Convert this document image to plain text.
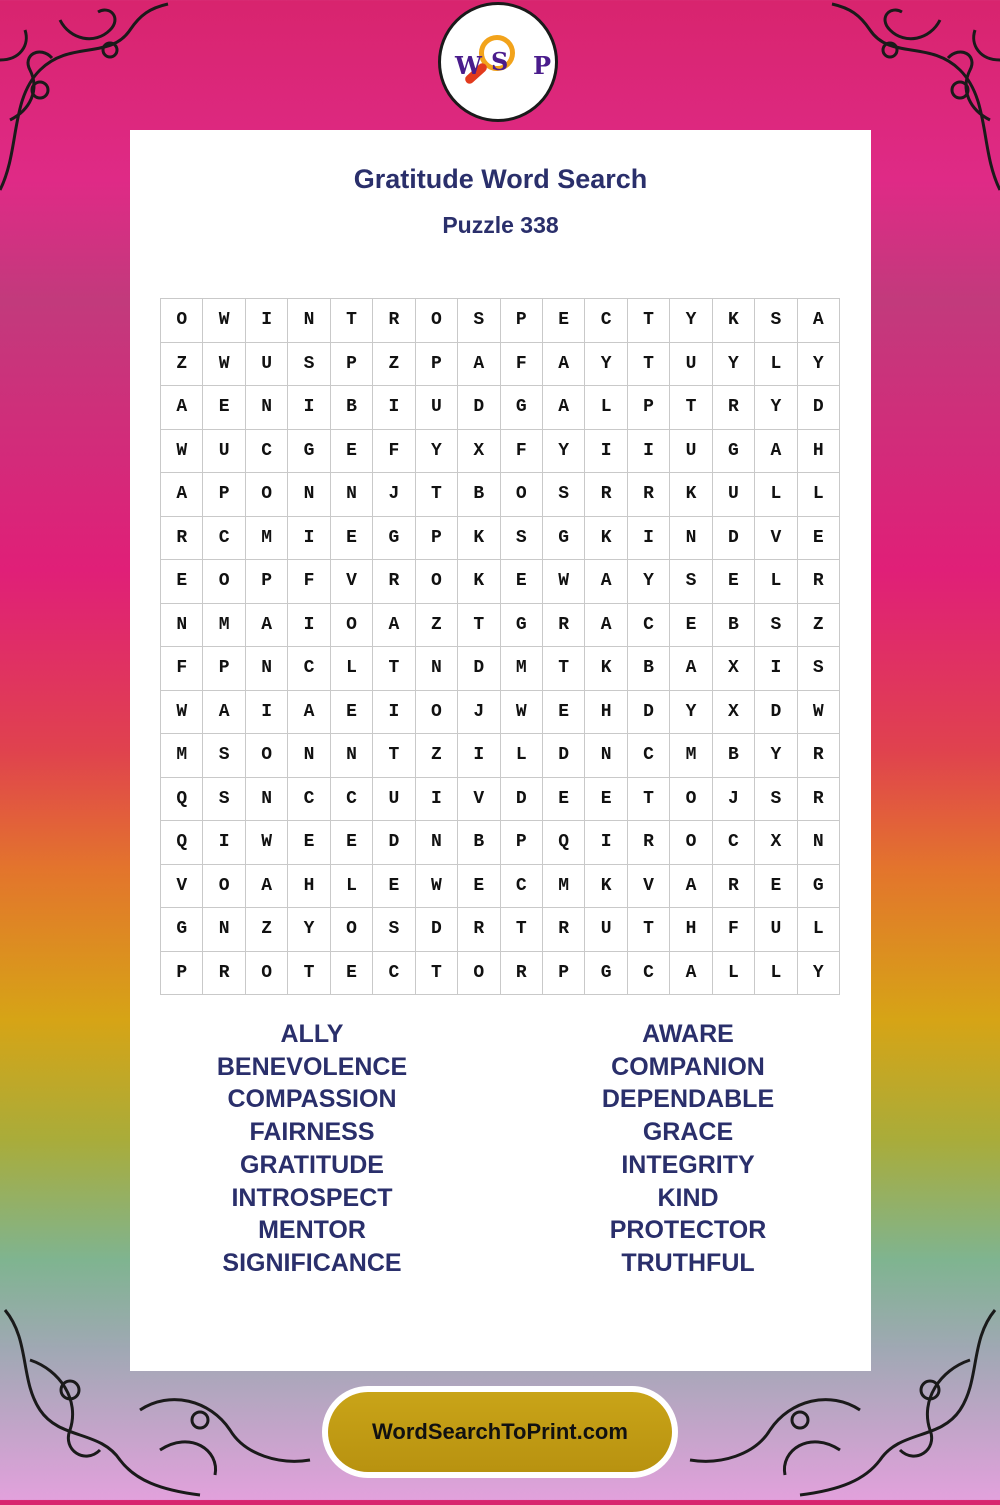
Gratitude Word Search
Puzzle 338
O	W	I	N	T	R	O	S	P	E	C	T	Y	K	S	A
Z	W	U	S	P	Z	P	A	F	A	Y	T	U	Y	L	Y
A	E	N	I	B	I	U	D	G	A	L	P	T	R	Y	D
W	U	C	G	E	F	Y	X	F	Y	I	I	U	G	A	H
A	P	O	N	N	J	T	B	O	S	R	R	K	U	L	L
R	C	M	I	E	G	P	K	S	G	K	I	N	D	V	E
E	O	P	F	V	R	O	K	E	W	A	Y	S	E	L	R
N	M	A	I	O	A	Z	T	G	R	A	C	E	B	S	Z
F	P	N	C	L	T	N	D	M	T	K	B	A	X	I	S
W	A	I	A	E	I	O	J	W	E	H	D	Y	X	D	W
M	S	O	N	N	T	Z	I	L	D	N	C	M	B	Y	R
Q	S	N	C	C	U	I	V	D	E	E	T	O	J	S	R
Q	I	W	E	E	D	N	B	P	Q	I	R	O	C	X	N
V	O	A	H	L	E	W	E	C	M	K	V	A	R	E	G
G	N	Z	Y	O	S	D	R	T	R	U	T	H	F	U	L
P	R	O	T	E	C	T	O	R	P	G	C	A	L	L	Y
ALLY
BENEVOLENCE
COMPASSION
FAIRNESS
GRATITUDE
INTROSPECT
MENTOR
SIGNIFICANCE
AWARE
COMPANION
DEPENDABLE
GRACE
INTEGRITY
KIND
PROTECTOR
TRUTHFUL
W S P
WordSearchToPrint.com
